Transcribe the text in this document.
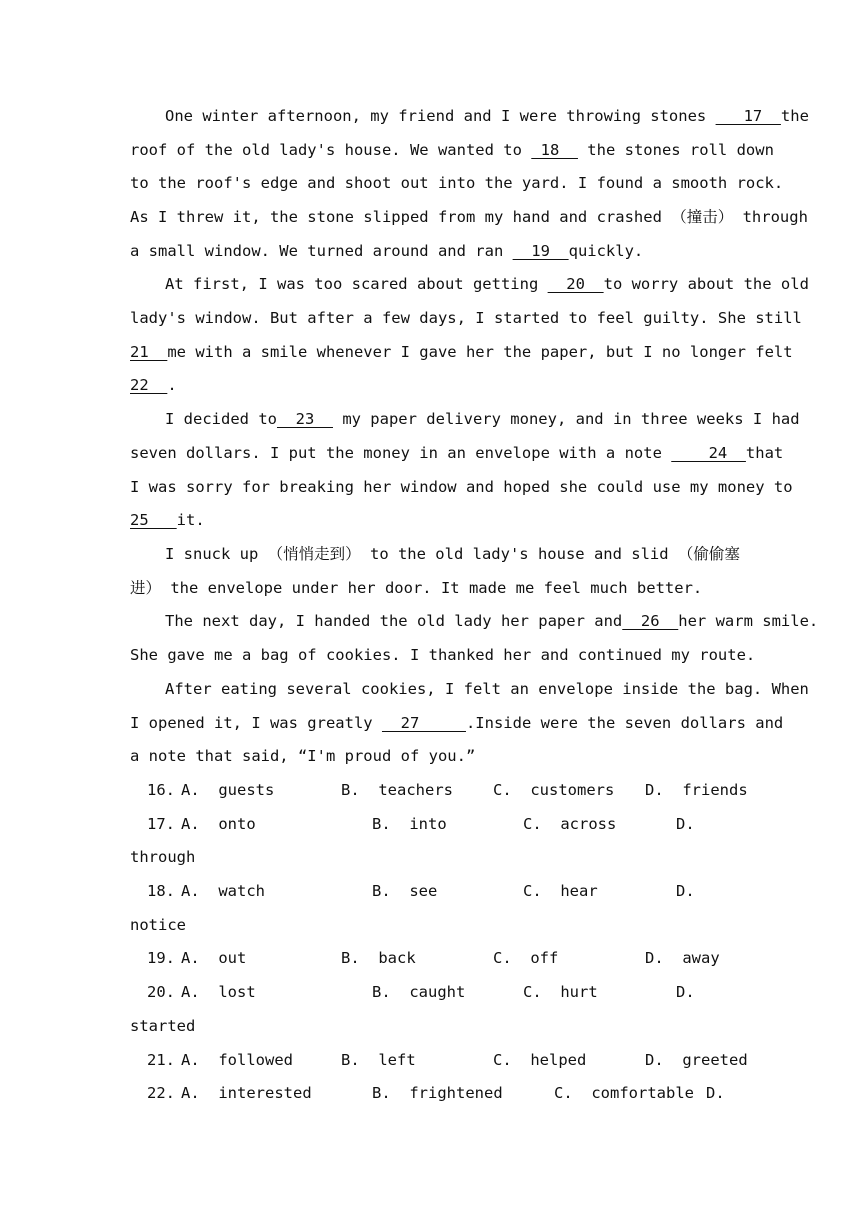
One winter afternoon, my friend and I were throwing stones    17  the
roof of the old lady's house. We wanted to  18   the stones roll down
to the roof's edge and shoot out into the yard. I found a smooth rock.
As I threw it, the stone slipped from my hand and crashed （撞击） through
a small window. We turned around and ran   19  quickly.
At first, I was too scared about getting   20  to worry about the old
lady's window. But after a few days, I started to feel guilty. She still
21  me with a smile whenever I gave her the paper, but I no longer felt
22  .
I decided to  23   my paper delivery money, and in three weeks I had
seven dollars. I put the money in an envelope with a note     24  that
I was sorry for breaking her window and hoped she could use my money to
25   it.
I snuck up （悄悄走到） to the old lady's house and slid （偷偷塞
进） the envelope under her door. It made me feel much better.
The next day, I handed the old lady her paper and  26  her warm smile.
She gave me a bag of cookies. I thanked her and continued my route.
After eating several cookies, I felt an envelope inside the bag. When
I opened it, I was greatly   27     .Inside were the seven dollars and
a note that said, “I'm proud of you.”
16. A.  guests	B.  teachers	C.  customers D.  friends
17. A.  onto	B.  into	C.  across	D.
through
18. A.  watch	B.  see	C.  hear	D.
notice
19. A.  out	B.  back	C.  off	D.  away
20. A.  lost	B.  caught	C.  hurt	D.
started
21. A.  followed	B.  left	C.  helped	D.  greeted
22. A.  interested	B.  frightened	C.  comfortable D.
